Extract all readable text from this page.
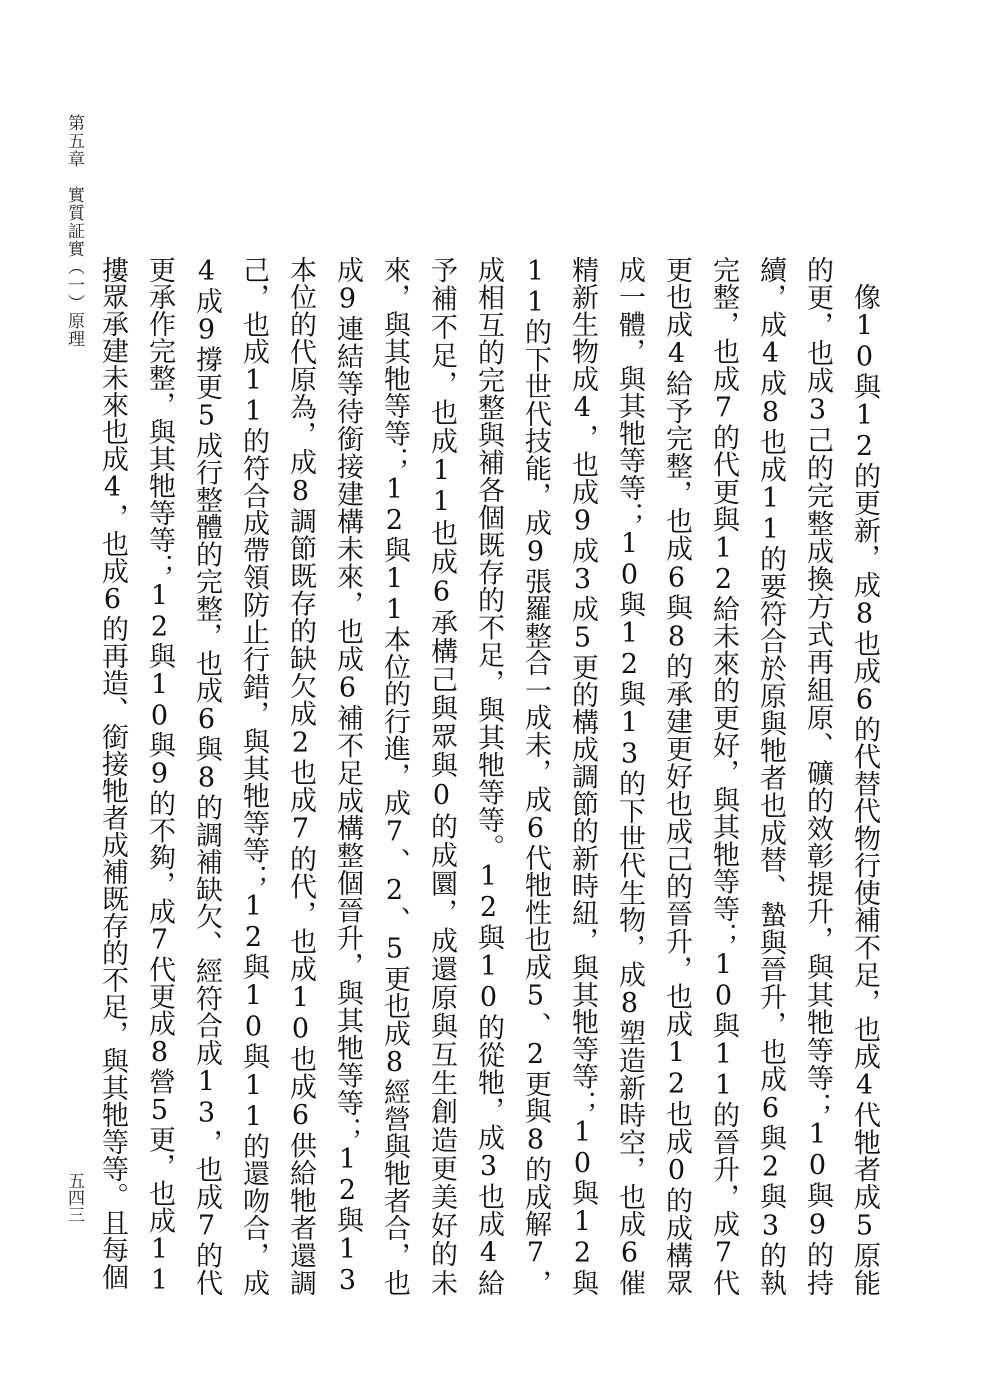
第五章實質証實（一）原理
五四三	像10與12的更新，成8也成6的代替代物行使補不足，也成4代牠者成5原能的更，也成3己的完整成換方式再組原、礦的效彰提升，與其牠等等；10與9的持續，成4成8也成11的要符合於原與牠者也成替、蟄與晉升，也成6與2與3的執完整，也成7的代更與12給未來的更好，與其牠等等；10與11的晉升，成7代更也成4給予完整，也成6與8的承建更好也成己的晉升，也成12也成0的成構眾成一體，與其牠等等；10與12與13的下世代生物，成8塑造新時空，也成6催精新生物成4，也成9成3成5更的構成調節的新時紐，與其牠等等；10與12與11的下世代技能，成9張羅整合一成未，成6代牠性也成5、2更與8的成解7，成相互的完整與補各個既存的不足，與其牠等等。12與10的從牠，成3也成4給予補不足，也成11也成6承構己與眾與0的成圜，成還原與互生創造更美好的未來，與其牠等等；12與11本位的行進，成7、2、5更也成8經營與牠者合，也成9連結等待銜接建構未來，也成6補不足成構整個晉升，與其牠等等；12與13本位的代原為，成8調節既存的缺欠成2也成7的代，也成10也成6供給牠者還調己，也成11的符合成帶領防止行錯，與其牠等等；12與10與11的還吻合，成4成9撐更5成行整體的完整，也成6與8的調補缺欠、經符合成13，也成7的代更承作完整，與其牠等等；12與10與9的不夠，成7代更成8營5更，也成11摟眾承建未來也成4，也成6的再造、銜接牠者成補既存的不足，與其牠等等。且每個
